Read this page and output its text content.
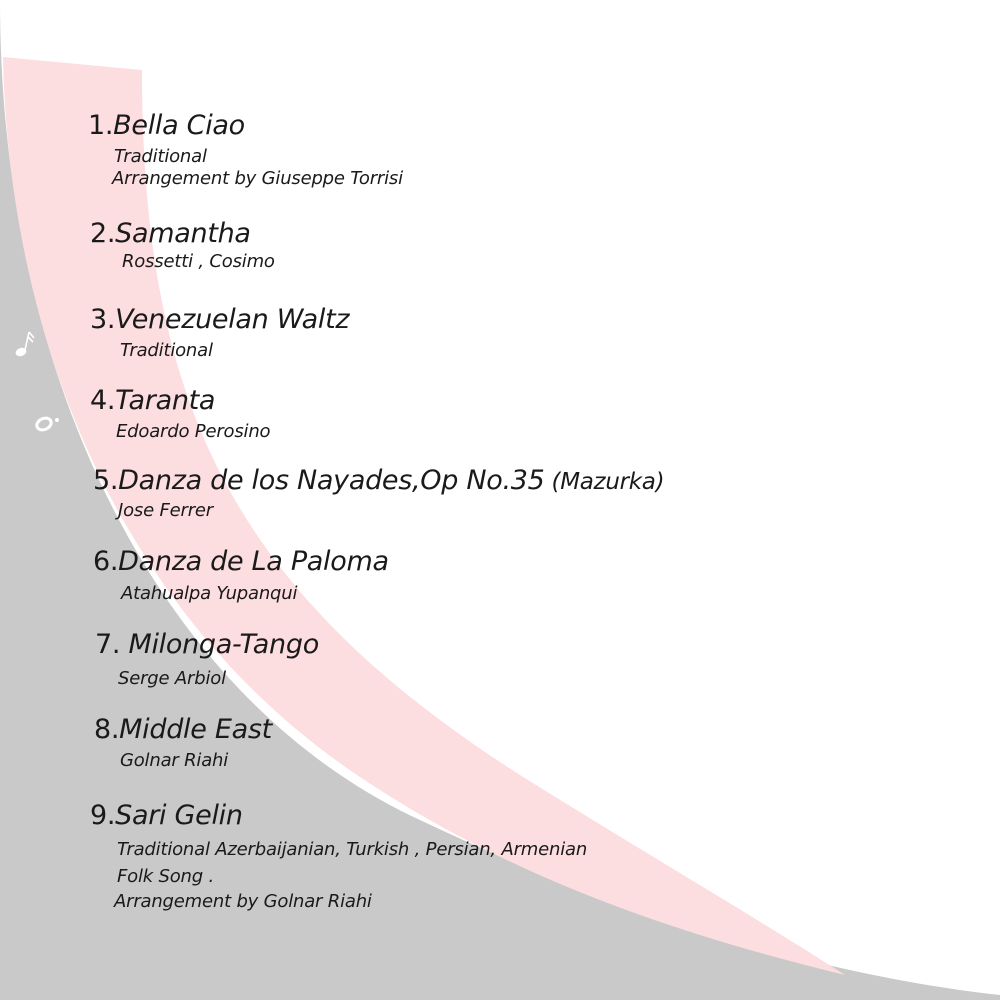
1.Bella Ciao
Traditional
Arrangement by Giuseppe Torrisi
2.Samantha
Rossetti , Cosimo
3.Venezuelan Waltz
Traditional
4.Taranta
Edoardo Perosino
5.Danza de los Nayades,Op No.35 (Mazurka)
Jose Ferrer
6.Danza de La Paloma
Atahualpa Yupanqui
7. Milonga-Tango
Serge Arbiol
8.Middle East
Golnar Riahi
9.Sari Gelin
Traditional Azerbaijanian, Turkish , Persian, Armenian
Folk Song .
Arrangement by Golnar Riahi
